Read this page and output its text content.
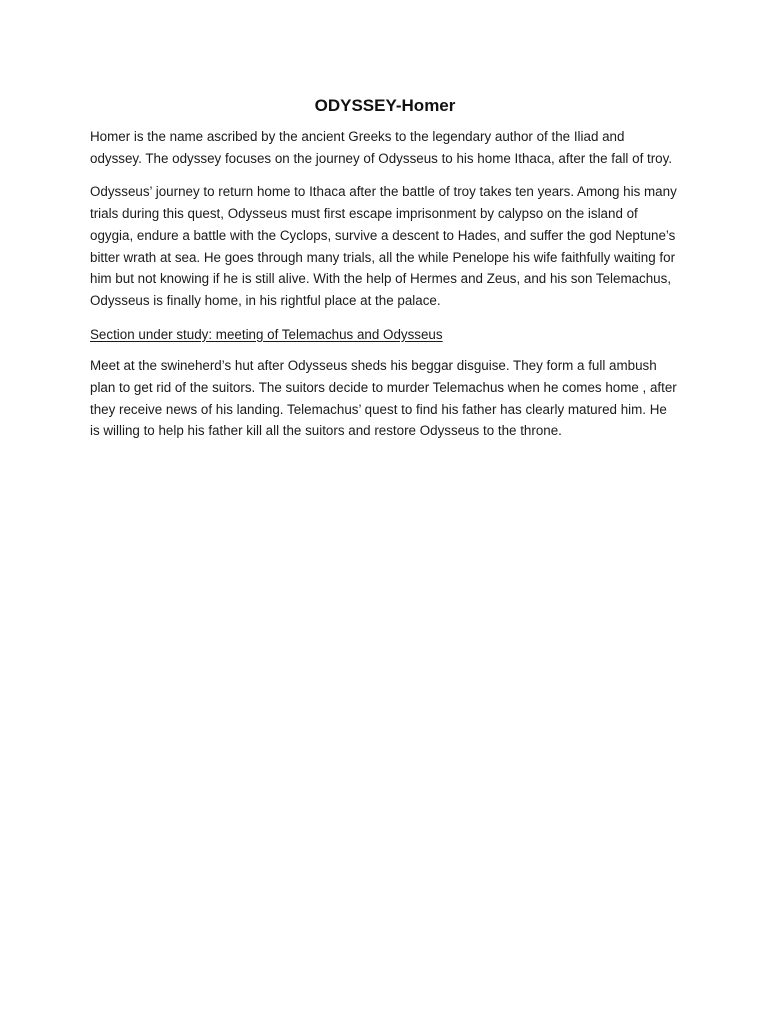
ODYSSEY-Homer

Homer is the name ascribed by the ancient Greeks to the legendary author of the Iliad and odyssey. The odyssey focuses on the journey of Odysseus to his home Ithaca, after the fall of troy.

Odysseus’ journey to return home to Ithaca after the battle of troy takes ten years. Among his many trials during this quest, Odysseus must first escape imprisonment by calypso on the island of ogygia, endure a battle with the Cyclops, survive a descent to Hades, and suffer the god Neptune’s bitter wrath at sea. He goes through many trials, all the while Penelope his wife faithfully waiting for him but not knowing if he is still alive. With the help of Hermes and Zeus, and his son Telemachus, Odysseus is finally home, in his rightful place at the palace.

Section under study: meeting of Telemachus and Odysseus

Meet at the swineherd’s hut after Odysseus sheds his beggar disguise. They form a full ambush plan to get rid of the suitors. The suitors decide to murder Telemachus when he comes home , after they receive news of his landing. Telemachus’ quest to find his father has clearly matured him. He is willing to help his father kill all the suitors and restore Odysseus to the throne.
